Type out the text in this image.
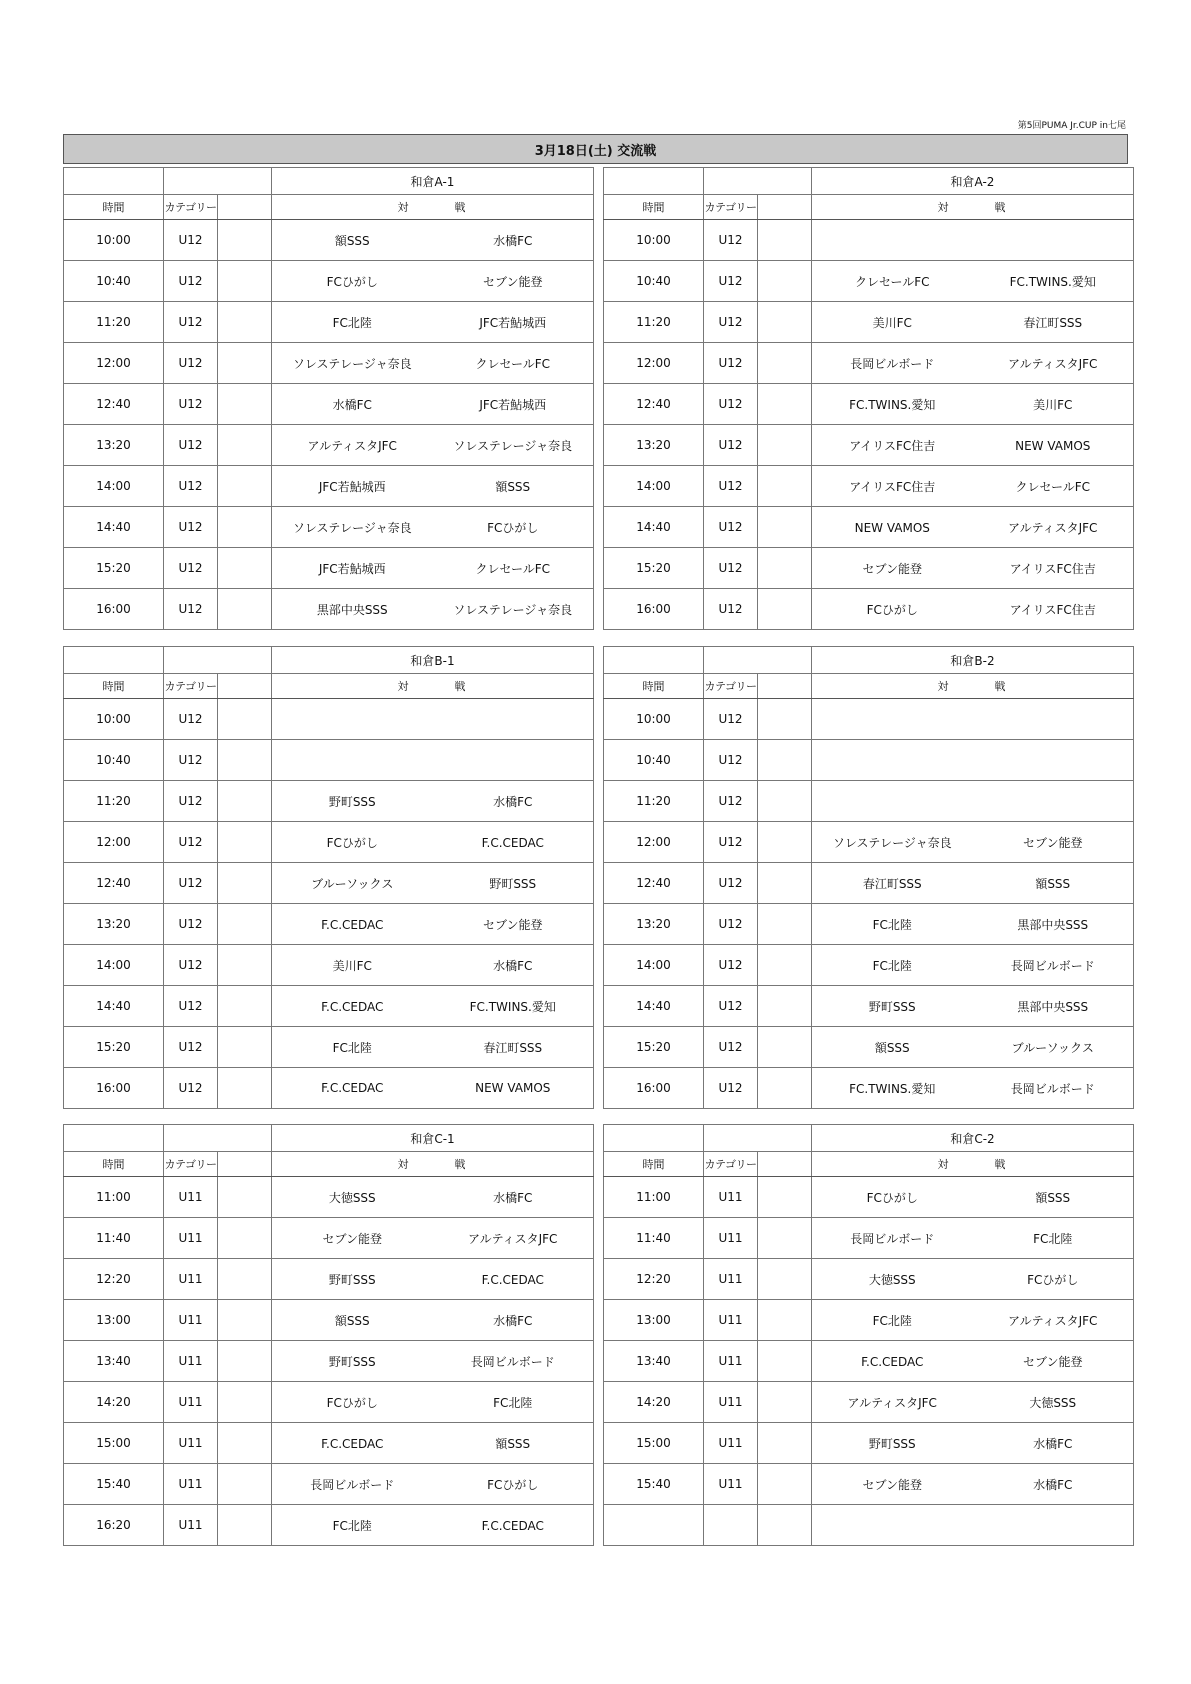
第5回PUMA Jr.CUP in七尾
3月18日(土) 交流戦
			和倉A-1
時間	カテゴリー		対 戦
10:00	U12		額SSS 水橋FC
10:40	U12		FCひがし セブン能登
11:20	U12		FC北陸 JFC若鮎城西
12:00	U12		ソレステレージャ奈良 クレセールFC
12:40	U12		水橋FC JFC若鮎城西
13:20	U12		アルティスタJFC ソレステレージャ奈良
14:00	U12		JFC若鮎城西 額SSS
14:40	U12		ソレステレージャ奈良 FCひがし
15:20	U12		JFC若鮎城西 クレセールFC
16:00	U12		黒部中央SSS ソレステレージャ奈良
			和倉A-2
時間	カテゴリー		対 戦
10:00	U12		
10:40	U12		クレセールFC FC.TWINS.愛知
11:20	U12		美川FC 春江町SSS
12:00	U12		長岡ビルボード アルティスタJFC
12:40	U12		FC.TWINS.愛知 美川FC
13:20	U12		アイリスFC住吉 NEW VAMOS
14:00	U12		アイリスFC住吉 クレセールFC
14:40	U12		NEW VAMOS アルティスタJFC
15:20	U12		セブン能登 アイリスFC住吉
16:00	U12		FCひがし アイリスFC住吉
			和倉B-1
時間	カテゴリー		対 戦
10:00	U12		
10:40	U12		
11:20	U12		野町SSS 水橋FC
12:00	U12		FCひがし F.C.CEDAC
12:40	U12		ブルーソックス 野町SSS
13:20	U12		F.C.CEDAC セブン能登
14:00	U12		美川FC 水橋FC
14:40	U12		F.C.CEDAC FC.TWINS.愛知
15:20	U12		FC北陸 春江町SSS
16:00	U12		F.C.CEDAC NEW VAMOS
			和倉B-2
時間	カテゴリー		対 戦
10:00	U12		
10:40	U12		
11:20	U12		
12:00	U12		ソレステレージャ奈良 セブン能登
12:40	U12		春江町SSS 額SSS
13:20	U12		FC北陸 黒部中央SSS
14:00	U12		FC北陸 長岡ビルボード
14:40	U12		野町SSS 黒部中央SSS
15:20	U12		額SSS ブルーソックス
16:00	U12		FC.TWINS.愛知 長岡ビルボード
			和倉C-1
時間	カテゴリー		対 戦
11:00	U11		大徳SSS 水橋FC
11:40	U11		セブン能登 アルティスタJFC
12:20	U11		野町SSS F.C.CEDAC
13:00	U11		額SSS 水橋FC
13:40	U11		野町SSS 長岡ビルボード
14:20	U11		FCひがし FC北陸
15:00	U11		F.C.CEDAC 額SSS
15:40	U11		長岡ビルボード FCひがし
16:20	U11		FC北陸 F.C.CEDAC
			和倉C-2
時間	カテゴリー		対 戦
11:00	U11		FCひがし 額SSS
11:40	U11		長岡ビルボード FC北陸
12:20	U11		大徳SSS FCひがし
13:00	U11		FC北陸 アルティスタJFC
13:40	U11		F.C.CEDAC セブン能登
14:20	U11		アルティスタJFC 大徳SSS
15:00	U11		野町SSS 水橋FC
15:40	U11		セブン能登 水橋FC
